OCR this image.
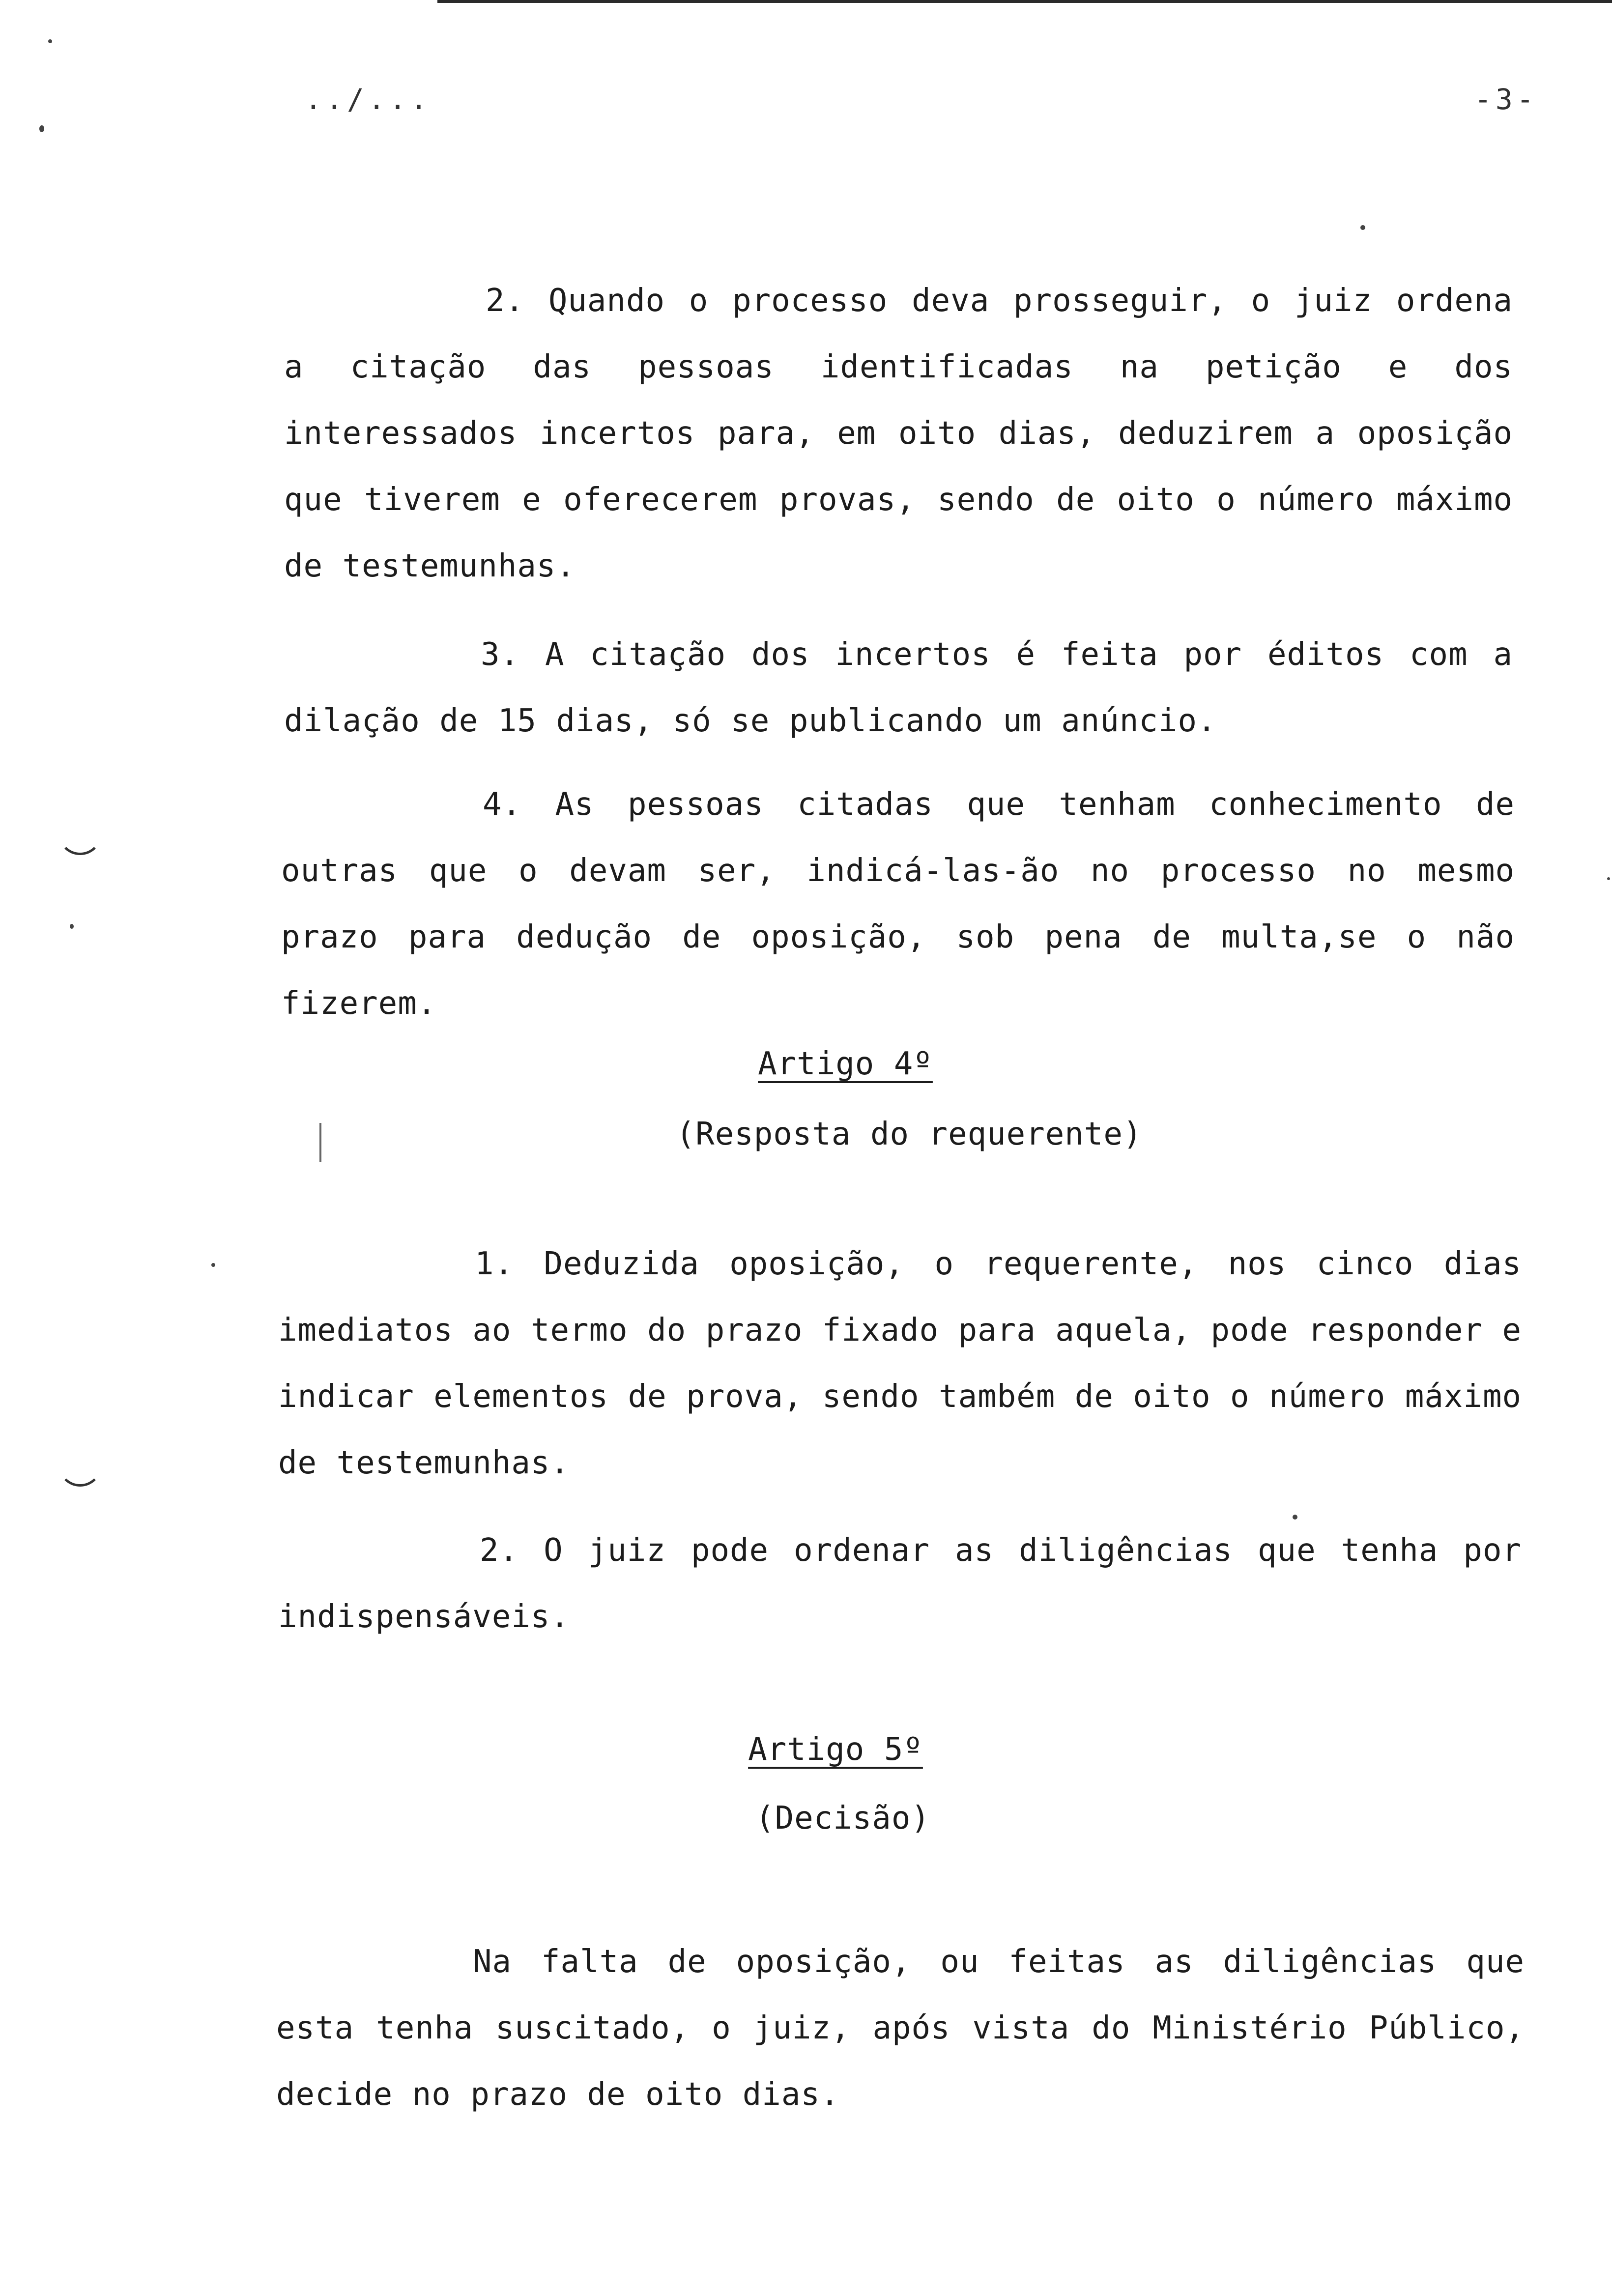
../...	-3-

2. Quando o processo deva prosseguir, o juiz ordena a citação das pessoas identificadas na petição e dos interessados incertos para, em oito dias, deduzirem a oposição que tiverem e oferecerem provas, sendo de oito o número máximo de testemunhas.

3. A citação dos incertos é feita por éditos com a dilação de 15 dias, só se publicando um anúncio.

4. As pessoas citadas que tenham conhecimento de outras que o devam ser, indicá-las-ão no processo no mesmo prazo para dedução de oposição, sob pena de multa,se o não fizerem.

Artigo 4º
(Resposta do requerente)

1. Deduzida oposição, o requerente, nos cinco dias imediatos ao termo do prazo fixado para aquela, pode responder e indicar elementos de prova, sendo também de oito o número máximo de testemunhas.

2. O juiz pode ordenar as diligências que tenha por indispensáveis.

Artigo 5º
(Decisão)

Na falta de oposição, ou feitas as diligências que esta tenha suscitado, o juiz, após vista do Ministério Público, decide no prazo de oito dias.
